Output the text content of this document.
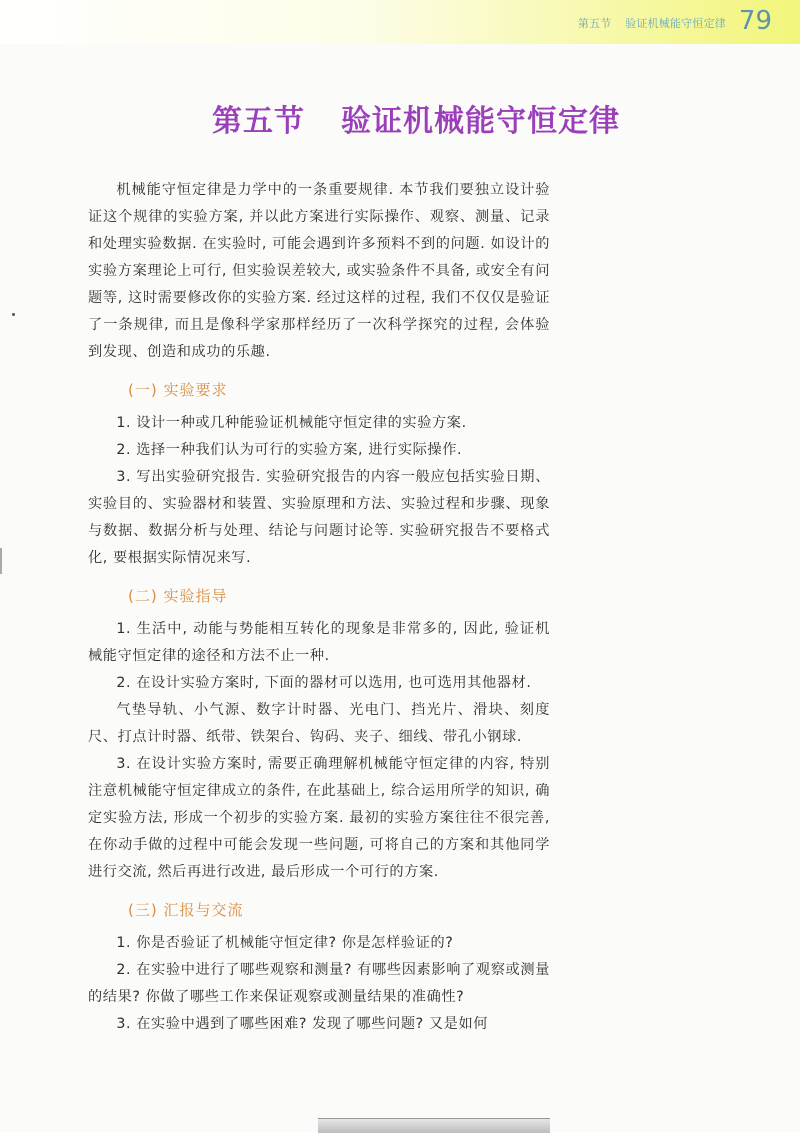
第五节 验证机械能守恒定律 79
第五节 验证机械能守恒定律

机械能守恒定律是力学中的一条重要规律. 本节我们要独立设计验证这个规律的实验方案, 并以此方案进行实际操作、观察、测量、记录和处理实验数据. 在实验时, 可能会遇到许多预料不到的问题. 如设计的实验方案理论上可行, 但实验误差较大, 或实验条件不具备, 或安全有问题等, 这时需要修改你的实验方案. 经过这样的过程, 我们不仅仅是验证了一条规律, 而且是像科学家那样经历了一次科学探究的过程, 会体验到发现、创造和成功的乐趣.

(一) 实验要求

1. 设计一种或几种能验证机械能守恒定律的实验方案.

2. 选择一种我们认为可行的实验方案, 进行实际操作.

3. 写出实验研究报告. 实验研究报告的内容一般应包括实验日期、实验目的、实验器材和装置、实验原理和方法、实验过程和步骤、现象与数据、数据分析与处理、结论与问题讨论等. 实验研究报告不要格式化, 要根据实际情况来写.

(二) 实验指导

1. 生活中, 动能与势能相互转化的现象是非常多的, 因此, 验证机械能守恒定律的途径和方法不止一种.

2. 在设计实验方案时, 下面的器材可以选用, 也可选用其他器材.

气垫导轨、小气源、数字计时器、光电门、挡光片、滑块、刻度尺、打点计时器、纸带、铁架台、钩码、夹子、细线、带孔小钢球.

3. 在设计实验方案时, 需要正确理解机械能守恒定律的内容, 特别注意机械能守恒定律成立的条件, 在此基础上, 综合运用所学的知识, 确定实验方法, 形成一个初步的实验方案. 最初的实验方案往往不很完善, 在你动手做的过程中可能会发现一些问题, 可将自己的方案和其他同学进行交流, 然后再进行改进, 最后形成一个可行的方案.

(三) 汇报与交流

1. 你是否验证了机械能守恒定律? 你是怎样验证的?

2. 在实验中进行了哪些观察和测量? 有哪些因素影响了观察或测量的结果? 你做了哪些工作来保证观察或测量结果的准确性?

3. 在实验中遇到了哪些困难? 发现了哪些问题? 又是如何
